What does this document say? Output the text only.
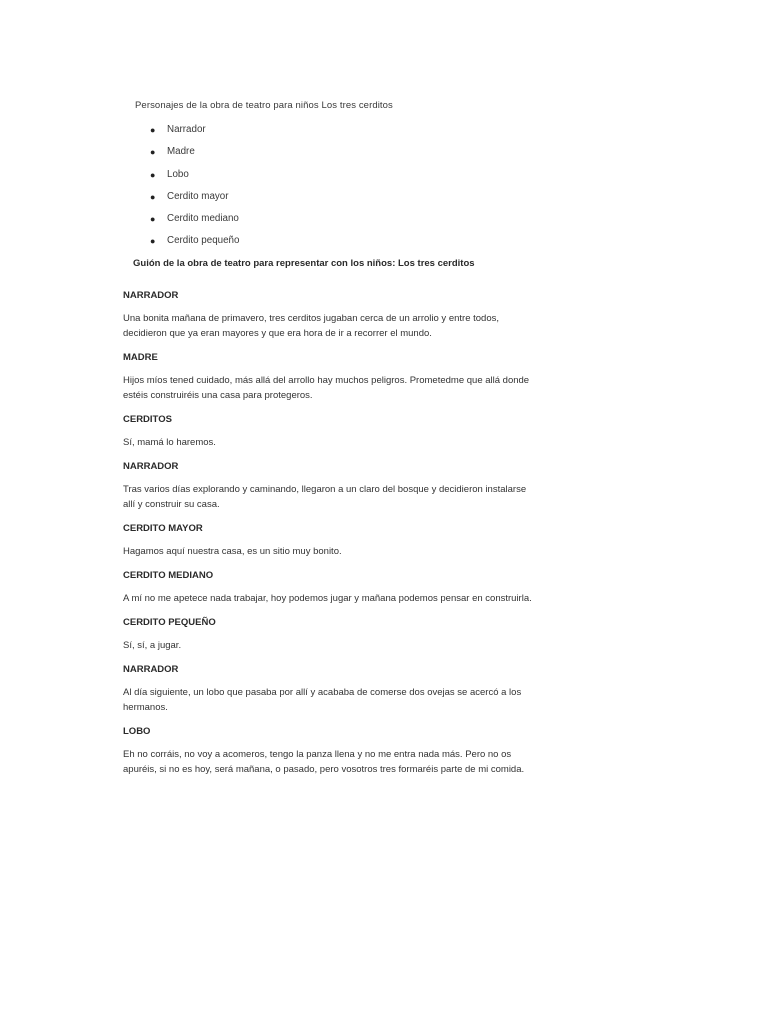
Personajes de la obra de teatro para niños Los tres cerditos
● Narrador
● Madre
● Lobo
● Cerdito mayor
● Cerdito mediano
● Cerdito pequeño
Guión de la obra de teatro para representar con los niños: Los tres cerditos

NARRADOR

Una bonita mañana de primavero, tres cerditos jugaban cerca de un arrolio y entre todos, decidieron que ya eran mayores y que era hora de ir a recorrer el mundo.

MADRE

Hijos míos tened cuidado, más allá del arrollo hay muchos peligros. Prometedme que allá donde estéis construiréis una casa para protegeros.

CERDITOS

Sí, mamá lo haremos.

NARRADOR

Tras varios días explorando y caminando, llegaron a un claro del bosque y decidieron instalarse allí y construir su casa.

CERDITO MAYOR

Hagamos aquí nuestra casa, es un sitio muy bonito.

CERDITO MEDIANO

A mí no me apetece nada trabajar, hoy podemos jugar y mañana podemos pensar en construirla.

CERDITO PEQUEÑO

Sí, sí, a jugar.

NARRADOR

Al día siguiente, un lobo que pasaba por allí y acababa de comerse dos ovejas se acercó a los hermanos.

LOBO

Eh no corráis, no voy a acomeros, tengo la panza llena y no me entra nada más. Pero no os apuréis, si no es hoy, será mañana, o pasado, pero vosotros tres formaréis parte de mi comida.
